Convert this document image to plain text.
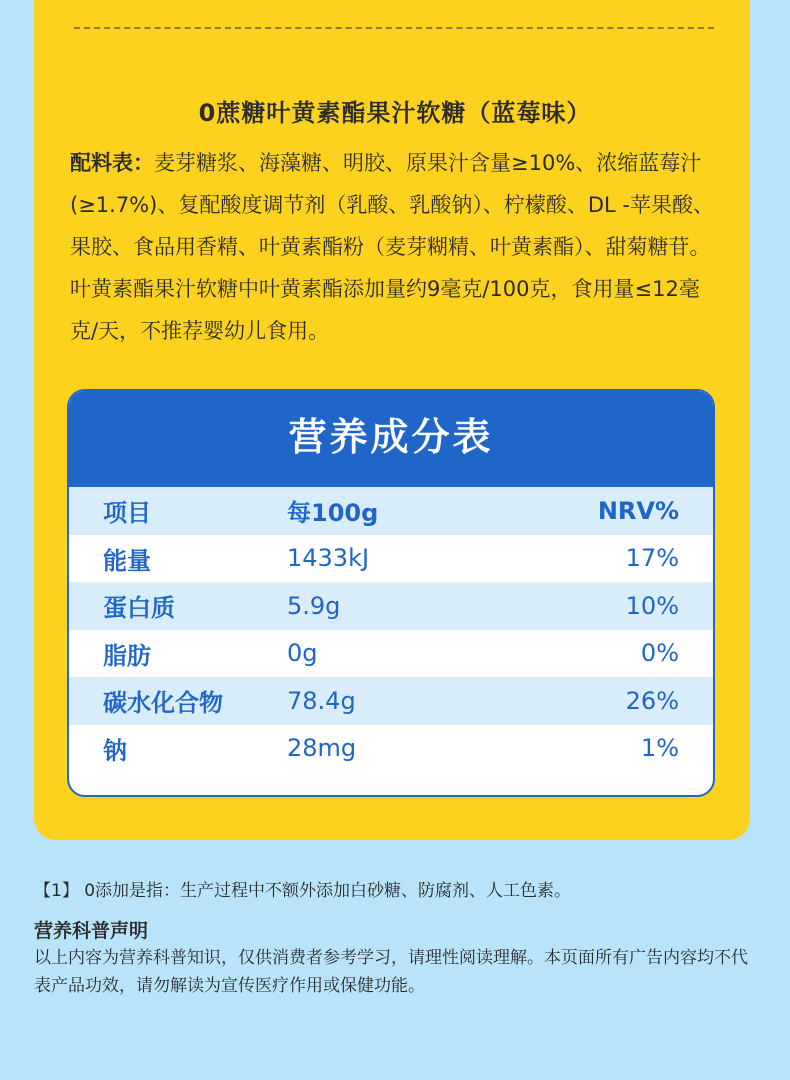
0蔗糖叶黄素酯果汁软糖（蓝莓味）

配料表：麦芽糖浆、海藻糖、明胶、原果汁含量≥10%、浓缩蓝莓汁(≥1.7%)、复配酸度调节剂（乳酸、乳酸钠）、柠檬酸、DL -苹果酸、果胶、食品用香精、叶黄素酯粉（麦芽糊精、叶黄素酯）、甜菊糖苷。

叶黄素酯果汁软糖中叶黄素酯添加量约9毫克/100克，食用量≤12毫克/天，不推荐婴幼儿食用。

营养成分表
项目	每100g	NRV%
能量	1433kJ	17%
蛋白质	5.9g	10%
脂肪	0g	0%
碳水化合物	78.4g	26%
钠	28mg	1%
【1】 0添加是指：生产过程中不额外添加白砂糖、防腐剂、人工色素。
营养科普声明
以上内容为营养科普知识，仅供消费者参考学习，请理性阅读理解。本页面所有广告内容均不代表产品功效，请勿解读为宣传医疗作用或保健功能。
